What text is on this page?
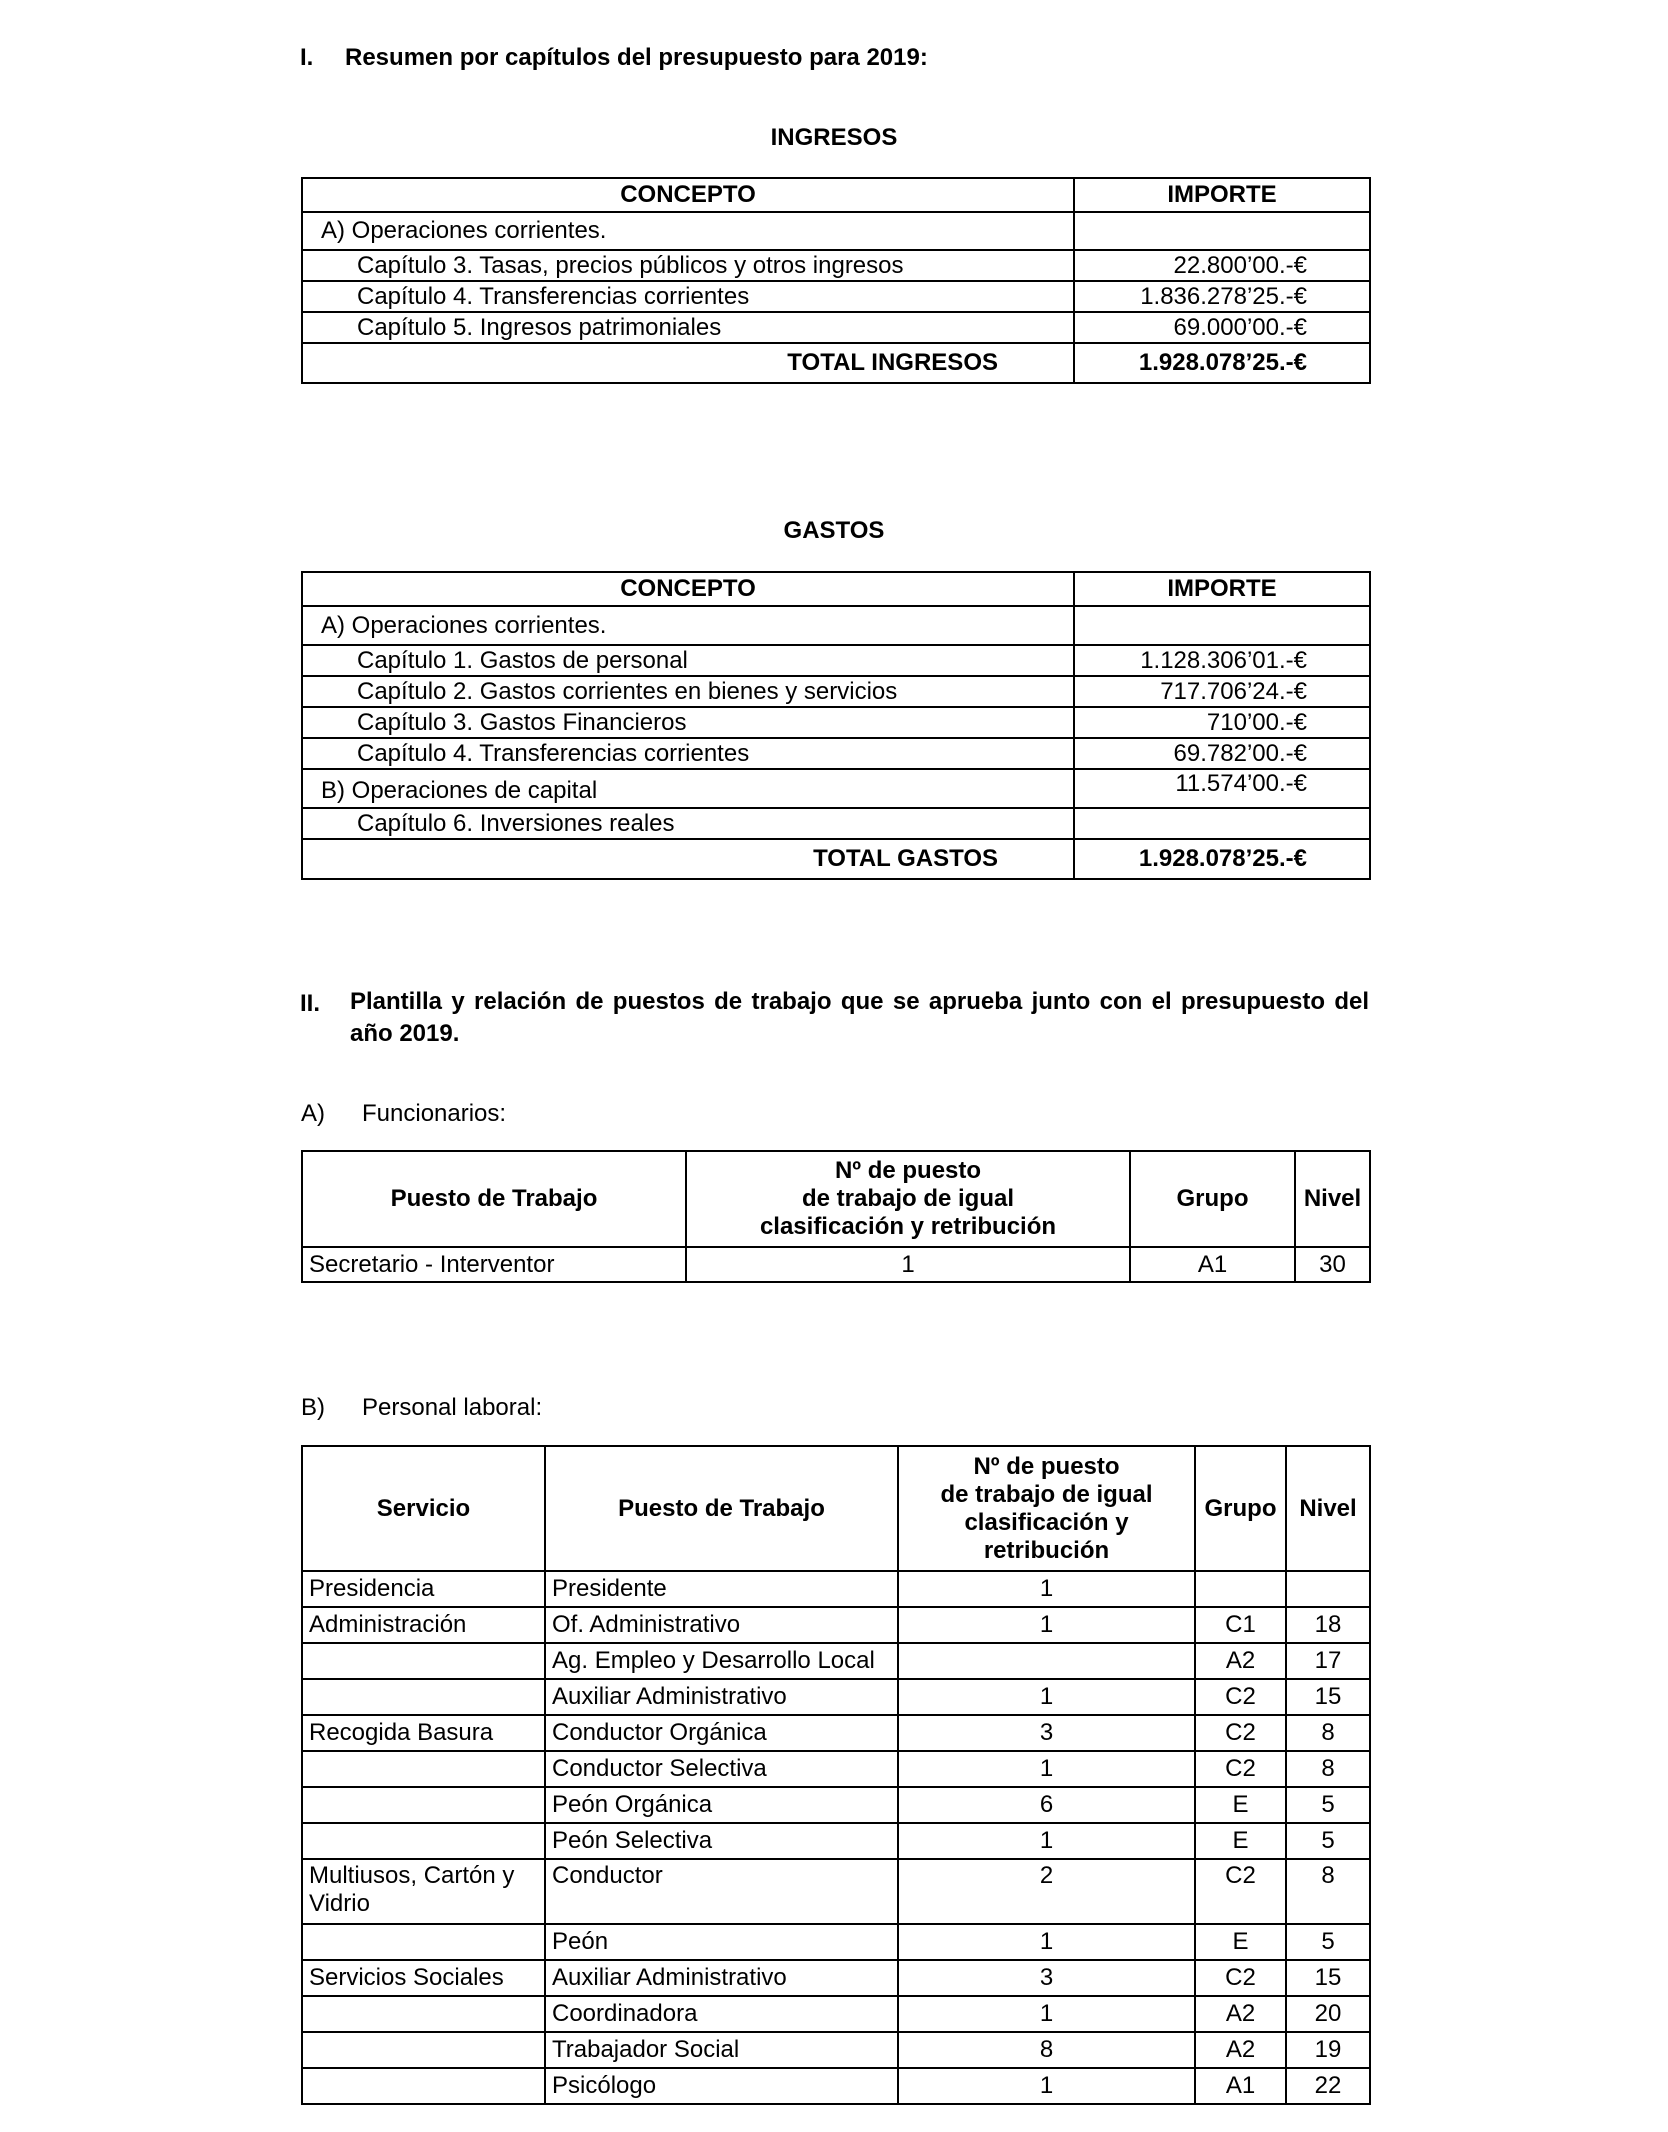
I. Resumen por capítulos del presupuesto para 2019:
INGRESOS
CONCEPTO	IMPORTE
A) Operaciones corrientes.	
Capítulo 3. Tasas, precios públicos y otros ingresos	22.800’00.-€
Capítulo 4. Transferencias corrientes	1.836.278’25.-€
Capítulo 5. Ingresos patrimoniales	69.000’00.-€
TOTAL INGRESOS	1.928.078’25.-€
GASTOS
CONCEPTO	IMPORTE
A) Operaciones corrientes.	
Capítulo 1. Gastos de personal	1.128.306’01.-€
Capítulo 2. Gastos corrientes en bienes y servicios	717.706’24.-€
Capítulo 3. Gastos Financieros	710’00.-€
Capítulo 4. Transferencias corrientes	69.782’00.-€
B) Operaciones de capital	11.574’00.-€
Capítulo 6. Inversiones reales	
TOTAL GASTOS	1.928.078’25.-€
II. Plantilla y relación de puestos de trabajo que se aprueba junto con el presupuesto del año 2019.
A) Funcionarios:
Puesto de Trabajo	Nº de puesto
de trabajo de igual
clasificación y retribución	Grupo	Nivel
Secretario - Interventor	1	A1	30
B) Personal laboral:
Servicio	Puesto de Trabajo	Nº de puesto
de trabajo de igual
clasificación y
retribución	Grupo	Nivel
Presidencia	Presidente	1		
Administración	Of. Administrativo	1	C1	18
	Ag. Empleo y Desarrollo Local		A2	17
	Auxiliar Administrativo	1	C2	15
Recogida Basura	Conductor Orgánica	3	C2	8
	Conductor Selectiva	1	C2	8
	Peón Orgánica	6	E	5
	Peón Selectiva	1	E	5
Multiusos, Cartón y Vidrio	Conductor	2	C2	8
	Peón	1	E	5
Servicios Sociales	Auxiliar Administrativo	3	C2	15
	Coordinadora	1	A2	20
	Trabajador Social	8	A2	19
	Psicólogo	1	A1	22
